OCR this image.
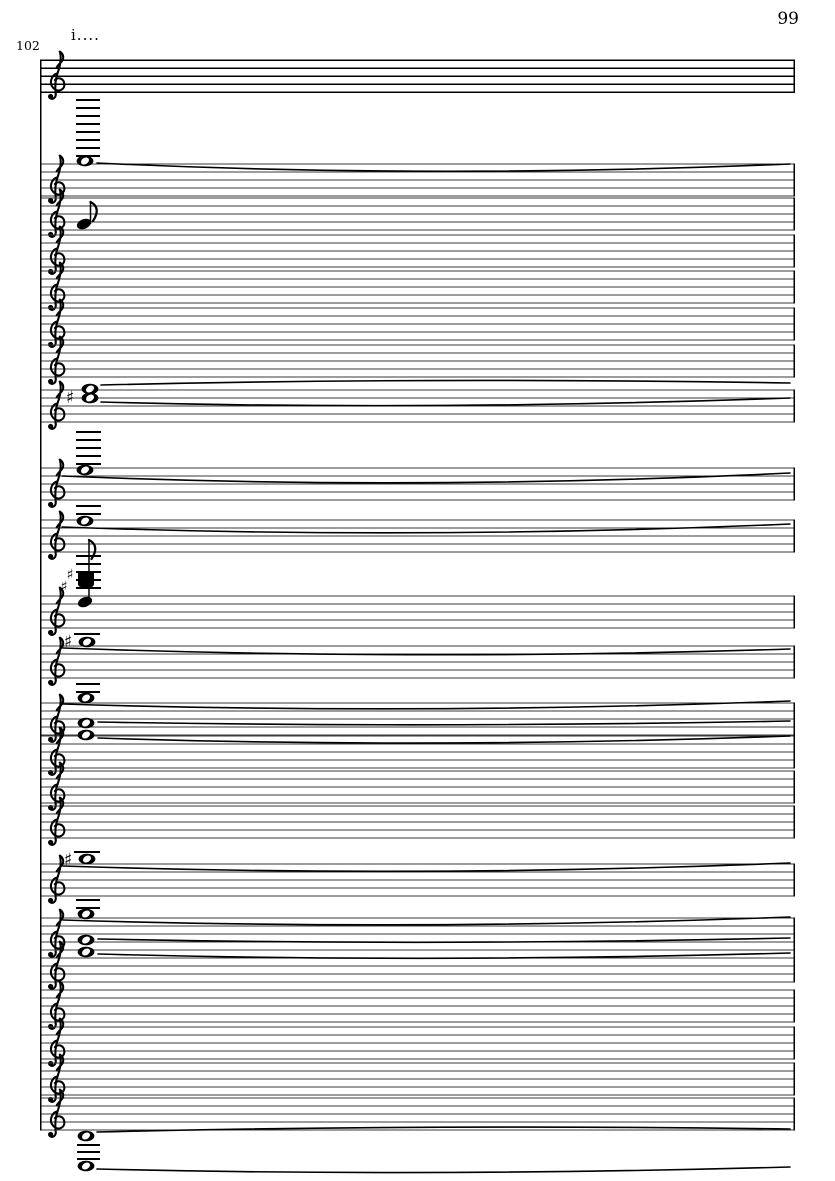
99
102
i....
♯
♯
♯
♯
♯
